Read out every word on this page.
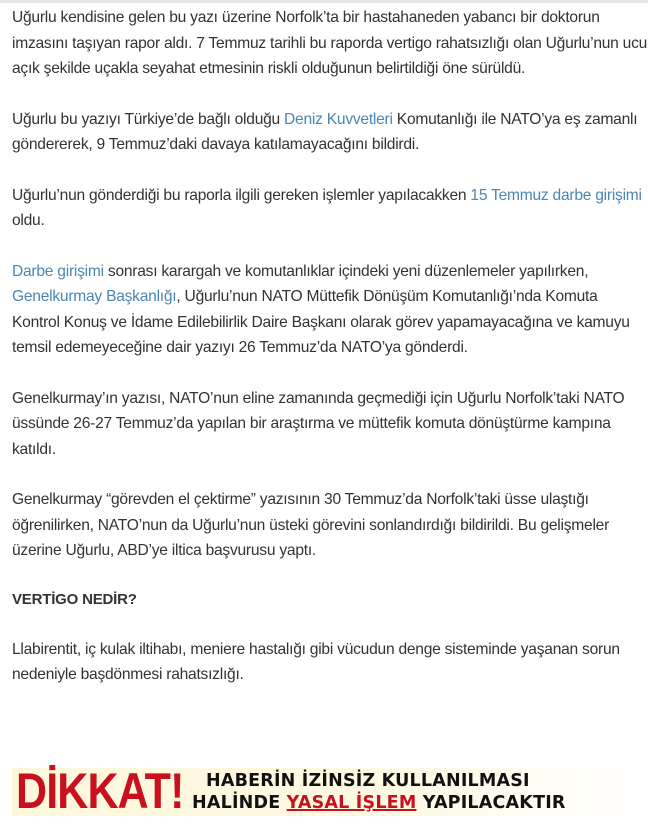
Uğurlu kendisine gelen bu yazı üzerine Norfolk’ta bir hastahaneden yabancı bir doktorun imzasını taşıyan rapor aldı. 7 Temmuz tarihli bu raporda vertigo rahatsızlığı olan Uğurlu’nun ucu açık şekilde uçakla seyahat etmesinin riskli olduğunun belirtildiği öne sürüldü.

Uğurlu bu yazıyı Türkiye’de bağlı olduğu Deniz Kuvvetleri Komutanlığı ile NATO’ya eş zamanlı göndererek, 9 Temmuz’daki davaya katılamayacağını bildirdi.

Uğurlu’nun gönderdiği bu raporla ilgili gereken işlemler yapılacakken 15 Temmuz darbe girişimi oldu.

Darbe girişimi sonrası karargah ve komutanlıklar içindeki yeni düzenlemeler yapılırken, Genelkurmay Başkanlığı, Uğurlu’nun NATO Müttefik Dönüşüm Komutanlığı’nda Komuta Kontrol Konuş ve İdame Edilebilirlik Daire Başkanı olarak görev yapamayacağına ve kamuyu temsil edemeyeceğine dair yazıyı 26 Temmuz’da NATO’ya gönderdi.

Genelkurmay’ın yazısı, NATO’nun eline zamanında geçmediği için Uğurlu Norfolk’taki NATO üssünde 26-27 Temmuz’da yapılan bir araştırma ve müttefik komuta dönüştürme kampına katıldı.

Genelkurmay “görevden el çektirme” yazısının 30 Temmuz’da Norfolk’taki üsse ulaştığı öğrenilirken, NATO’nun da Uğurlu’nun üsteki görevini sonlandırdığı bildirildi. Bu gelişmeler üzerine Uğurlu, ABD’ye iltica başvurusu yaptı.

VERTİGO NEDİR?

Llabirentit, iç kulak iltihabı, meniere hastalığı gibi vücudun denge sisteminde yaşanan sorun nedeniyle başdönmesi rahatsızlığı.

DİKKAT!	HABERİN İZİNSİZ KULLANILMASI
HALİNDE YASAL İŞLEM YAPILACAKTIR
